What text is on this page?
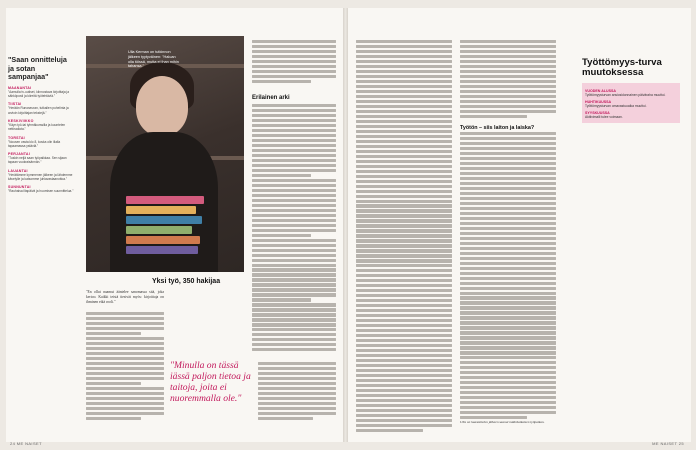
"Saan onnitteluja ja sotan sampanjaa"
MAANANTAI
"Aamulla tv-uutiset, kiinnostava kirjoittaja ja sähköposti ja kiireitä työtehtäviä."
TIISTAI
"Herään Runoseuran, tutkailen puhelinta ja arvioin kirjoittajan tekstejä."
KESKIVIIKKO
"Käyn työ-tai tyhmäkurssilla ja kuuntelen nettiradiota."
TORSTAI
"Nousen vasta klo 8, koska olin illalla tapaamassa ystäviä."
PERJANTAI
"Tuskin neljä saan työpaikkaa. Sen sijaan tapaan vuokraisännän."
LAUANTAI
"Herätämme kymmenen jälkeen ja lähdemme kävelylle ja katsomme juhlavastaanottoa."
SUNNUNTAI
"Rauhaisa iltapäivä ja huomisen suunnittelua."
Ulla Kerman on tutkinnon jälkeen tyytyväinen: "Haluan olla töissä, mutta ei ihan mihin tahansa."
Yksi työ, 350 hakijaa
"En ollut naamut ääntelee sanomassa sitä, joka kertoo. Kaikki teistä tiesivät myös: kirjoittaja on ihminen eikä rooli."
Erilainen arki
"Minulla on tässä iässä paljon tietoa ja taitoja, joita ei nuoremmalla ole."
24 ME NAISET
Työtön – siis laiton ja laiska?
Ulla on haastattelun jälkeen saanut määräaikaisen työpaikan.
Työttömyys-turva muutoksessa
VUODEN ALUSSA
Työttömyysturvan ansiosidonnainen päiväraha muuttui.
HUHTIKUUSSA
Työttömyysturvan omavastuuaika muuttui.
SYYSKUUSSA
Aktiivimalli tulee voimaan.
ME NAISET 25
